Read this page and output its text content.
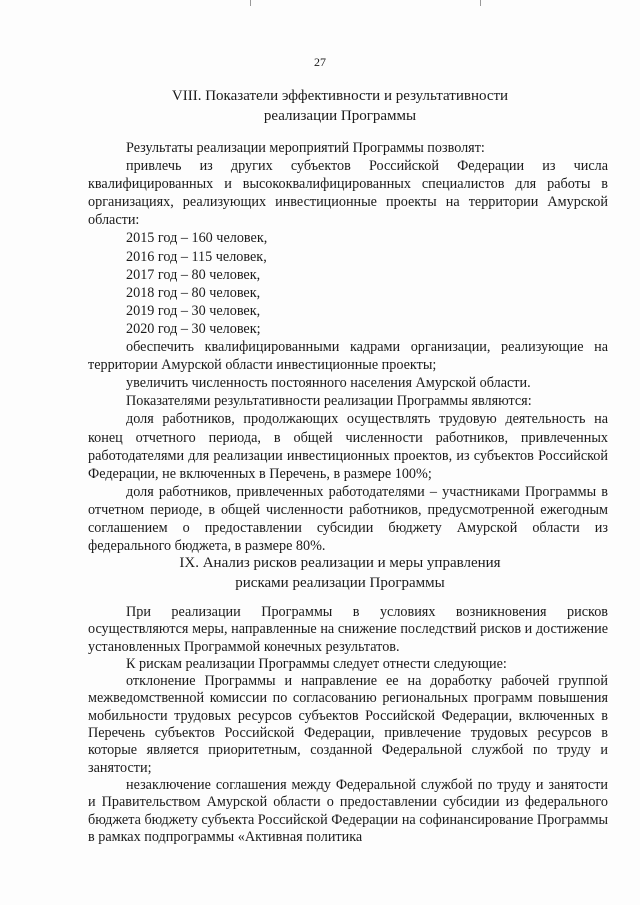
27
VIII. Показатели эффективности и результативности
реализации Программы

Результаты реализации мероприятий Программы позволят:

привлечь из других субъектов Российской Федерации из числа квалифицированных и высококвалифицированных специалистов для работы в организациях, реализующих инвестиционные проекты на территории Амурской области:

2015 год – 160 человек,

2016 год – 115 человек,

2017 год – 80 человек,

2018 год – 80 человек,

2019 год – 30 человек,

2020 год – 30 человек;

обеспечить квалифицированными кадрами организации, реализующие на территории Амурской области инвестиционные проекты;

увеличить численность постоянного населения Амурской области.

Показателями результативности реализации Программы являются:

доля работников, продолжающих осуществлять трудовую деятельность на конец отчетного периода, в общей численности работников, привлеченных работодателями для реализации инвестиционных проектов, из субъектов Российской Федерации, не включенных в Перечень, в размере 100%;

доля работников, привлеченных работодателями – участниками Программы в отчетном периоде, в общей численности работников, предусмотренной ежегодным соглашением о предоставлении субсидии бюджету Амурской области из федерального бюджета, в размере 80%.

IX. Анализ рисков реализации и меры управления
рисками реализации Программы

При реализации Программы в условиях возникновения рисков осуществляются меры, направленные на снижение последствий рисков и достижение установленных Программой конечных результатов.

К рискам реализации Программы следует отнести следующие:

отклонение Программы и направление ее на доработку рабочей группой межведомственной комиссии по согласованию региональных программ повышения мобильности трудовых ресурсов субъектов Российской Федерации, включенных в Перечень субъектов Российской Федерации, привлечение трудовых ресурсов в которые является приоритетным, созданной Федеральной службой по труду и занятости;

незаключение соглашения между Федеральной службой по труду и занятости и Правительством Амурской области о предоставлении субсидии из федерального бюджета бюджету субъекта Российской Федерации на софинансирование Программы в рамках подпрограммы «Активная политика
